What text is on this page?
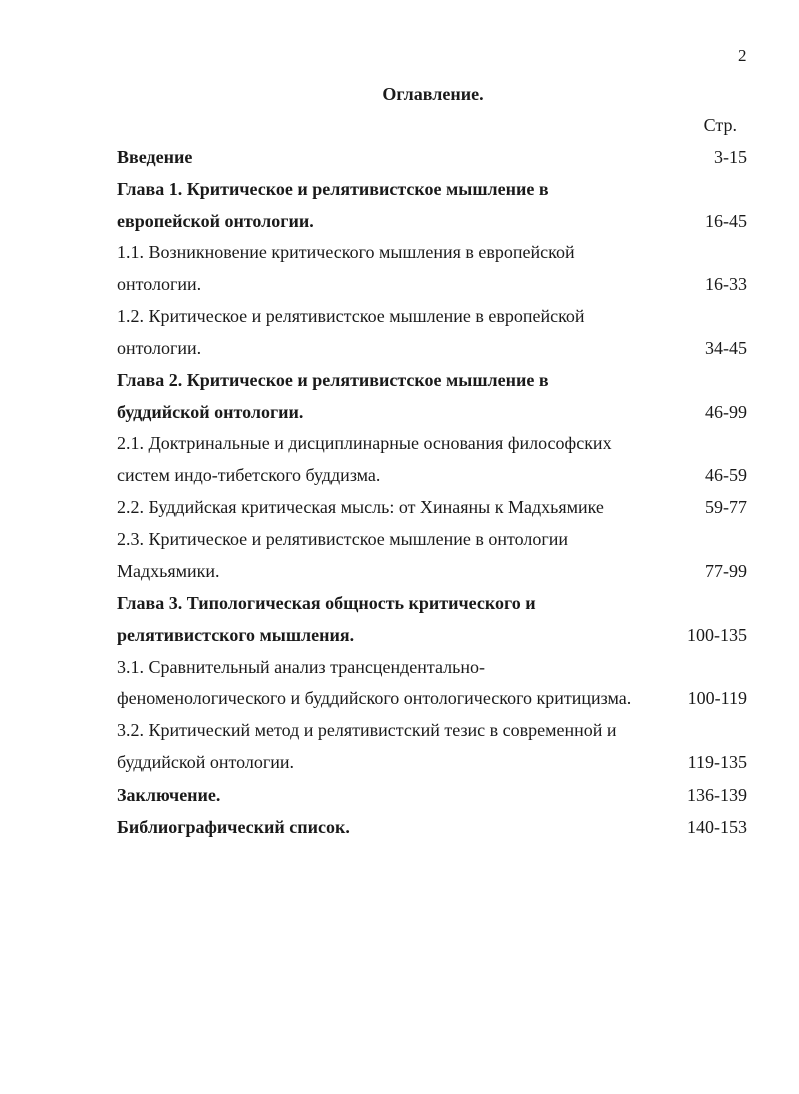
2
Оглавление.
Стр.
Введение	3-15
Глава 1. Критическое и релятивистское мышление в
европейской онтологии.	16-45
1.1. Возникновение критического мышления в европейской
онтологии.	16-33
1.2. Критическое и релятивистское мышление в европейской
онтологии.	34-45
Глава 2. Критическое и релятивистское мышление в
буддийской онтологии.	46-99
2.1. Доктринальные и дисциплинарные основания философских
систем индо-тибетского буддизма.	46-59
2.2. Буддийская критическая мысль: от Хинаяны к Мадхьямике	59-77
2.3. Критическое и релятивистское мышление в онтологии
Мадхьямики.	77-99
Глава 3. Типологическая общность критического и
релятивистского мышления.	100-135
3.1. Сравнительный анализ трансцендентально-
феноменологического и буддийского онтологического критицизма.	100-119
3.2. Критический метод и релятивистский тезис в современной и
буддийской онтологии.	119-135
Заключение.	136-139
Библиографический список.	140-153
